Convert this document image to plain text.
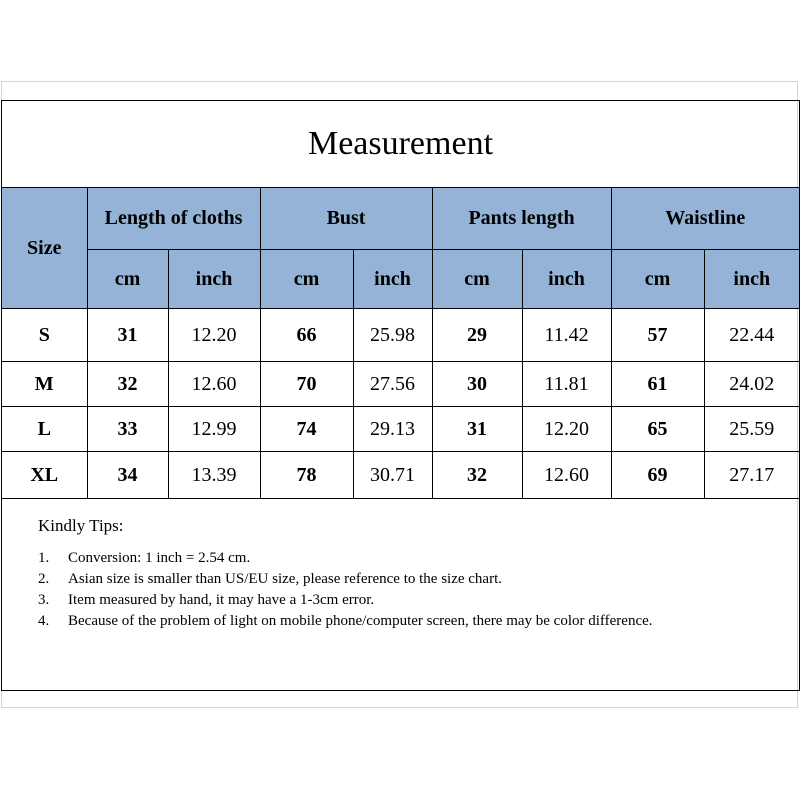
Measurement
Size	Length of cloths		Bust		Pants length		Waistline	
	cm	inch	cm	inch	cm	inch	cm	inch
S	31	12.20	66	25.98	29	11.42	57	22.44
M	32	12.60	70	27.56	30	11.81	61	24.02
L	33	12.99	74	29.13	31	12.20	65	25.59
XL	34	13.39	78	30.71	32	12.60	69	27.17
Kindly Tips:
1.	Conversion: 1 inch = 2.54 cm.
2.	Asian size is smaller than US/EU size, please reference to the size chart.
3.	Item measured by hand, it may have a 1-3cm error.
4.	Because of the problem of light on mobile phone/computer screen, there may be color difference.
